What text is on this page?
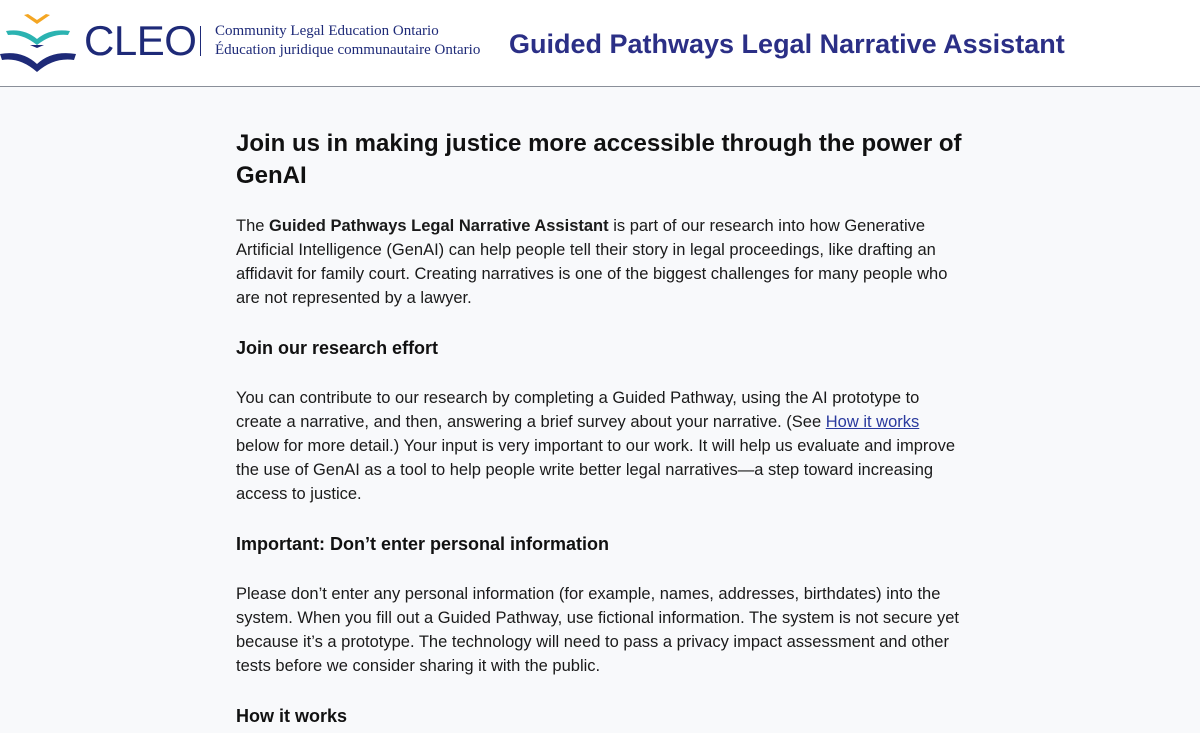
CLEO Community Legal Education Ontario
Éducation juridique communautaire Ontario Guided Pathways Legal Narrative Assistant
Join us in making justice more accessible through the power of GenAI

The Guided Pathways Legal Narrative Assistant is part of our research into how Generative Artificial Intelligence (GenAI) can help people tell their story in legal proceedings, like drafting an affidavit for family court. Creating narratives is one of the biggest challenges for many people who are not represented by a lawyer.

Join our research effort

You can contribute to our research by completing a Guided Pathway, using the AI prototype to create a narrative, and then, answering a brief survey about your narrative. (See How it works below for more detail.) Your input is very important to our work. It will help us evaluate and improve the use of GenAI as a tool to help people write better legal narratives—a step toward increasing access to justice.

Important: Don’t enter personal information

Please don’t enter any personal information (for example, names, addresses, birthdates) into the system. When you fill out a Guided Pathway, use fictional information. The system is not secure yet because it’s a prototype. The technology will need to pass a privacy impact assessment and other tests before we consider sharing it with the public.

How it works
